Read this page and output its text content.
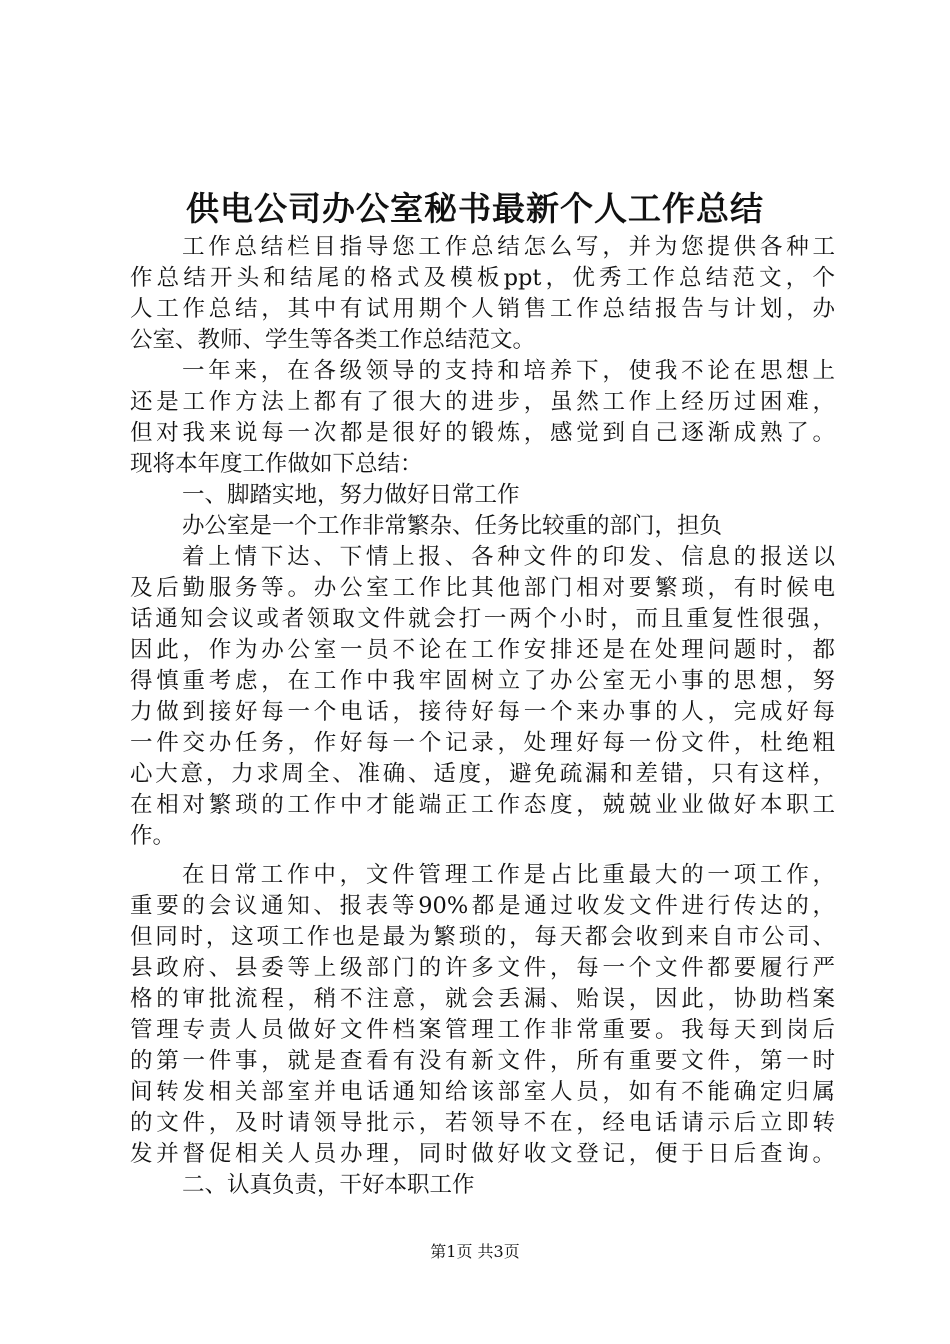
供电公司办公室秘书最新个人工作总结
工作总结栏目指导您工作总结怎么写，并为您提供各种工
作总结开头和结尾的格式及模板ppt，优秀工作总结范文，个
人工作总结，其中有试用期个人销售工作总结报告与计划，办
公室、教师、学生等各类工作总结范文。
一年来，在各级领导的支持和培养下，使我不论在思想上
还是工作方法上都有了很大的进步，虽然工作上经历过困难，
但对我来说每一次都是很好的锻炼，感觉到自己逐渐成熟了。
现将本年度工作做如下总结：
一、脚踏实地，努力做好日常工作
办公室是一个工作非常繁杂、任务比较重的部门，担负
着上情下达、下情上报、各种文件的印发、信息的报送以
及后勤服务等。办公室工作比其他部门相对要繁琐，有时候电
话通知会议或者领取文件就会打一两个小时，而且重复性很强，
因此，作为办公室一员不论在工作安排还是在处理问题时，都
得慎重考虑，在工作中我牢固树立了办公室无小事的思想，努
力做到接好每一个电话，接待好每一个来办事的人，完成好每
一件交办任务，作好每一个记录，处理好每一份文件，杜绝粗
心大意，力求周全、准确、适度，避免疏漏和差错，只有这样，
在相对繁琐的工作中才能端正工作态度，兢兢业业做好本职工
作。
在日常工作中，文件管理工作是占比重最大的一项工作，
重要的会议通知、报表等90%都是通过收发文件进行传达的，
但同时，这项工作也是最为繁琐的，每天都会收到来自市公司、
县政府、县委等上级部门的许多文件，每一个文件都要履行严
格的审批流程，稍不注意，就会丢漏、贻误，因此，协助档案
管理专责人员做好文件档案管理工作非常重要。我每天到岗后
的第一件事，就是查看有没有新文件，所有重要文件，第一时
间转发相关部室并电话通知给该部室人员，如有不能确定归属
的文件，及时请领导批示，若领导不在，经电话请示后立即转
发并督促相关人员办理，同时做好收文登记，便于日后查询。
二、认真负责，干好本职工作
第1页 共3页
